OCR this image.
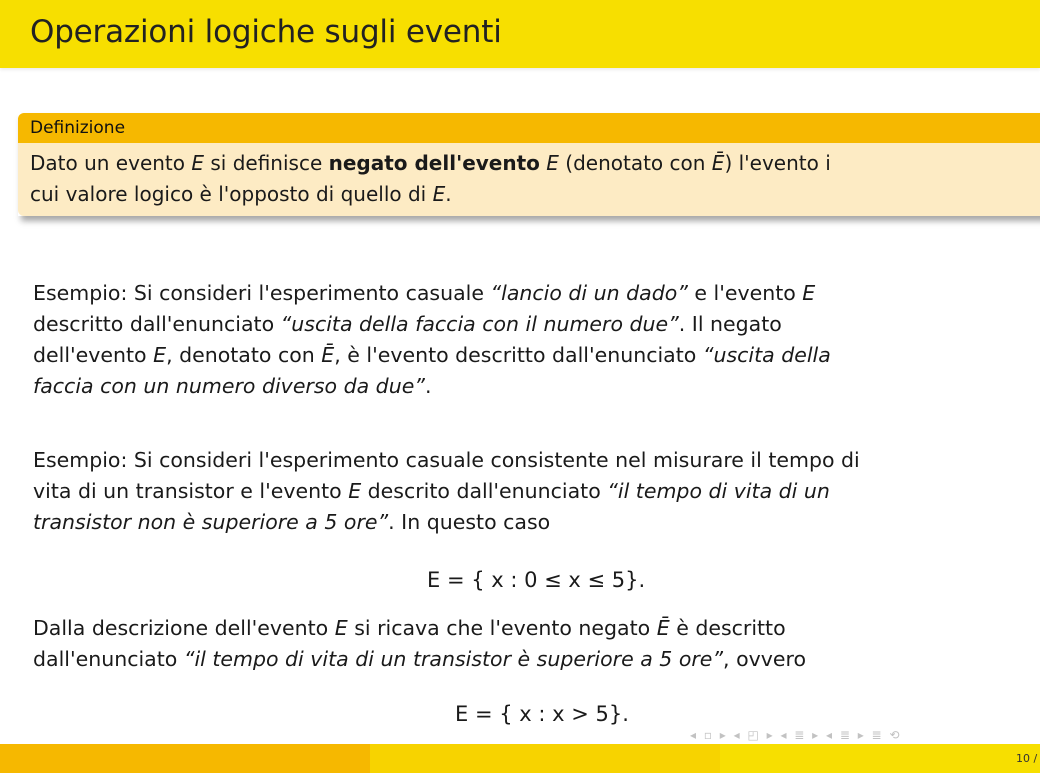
Operazioni logiche sugli eventi
Definizione
Dato un evento E si definisce negato dell'evento E (denotato con Ē) l'evento i
cui valore logico è l'opposto di quello di E.
Esempio: Si consideri l'esperimento casuale “lancio di un dado” e l'evento E
descritto dall'enunciato “uscita della faccia con il numero due”. Il negato
dell'evento E, denotato con Ē, è l'evento descritto dall'enunciato “uscita della
faccia con un numero diverso da due”.
Esempio: Si consideri l'esperimento casuale consistente nel misurare il tempo di
vita di un transistor e l'evento E descrito dall'enunciato “il tempo di vita di un
transistor non è superiore a 5 ore”. In questo caso
E = { x : 0 ≤ x ≤ 5}.
Dalla descrizione dell'evento E si ricava che l'evento negato Ē è descritto
dall'enunciato “il tempo di vita di un transistor è superiore a 5 ore”, ovvero
E = { x : x > 5}.
◂ ▫ ▸ ◂ ◰ ▸ ◂ ≣ ▸ ◂ ≣ ▸ ≣ ⟲
10 /
